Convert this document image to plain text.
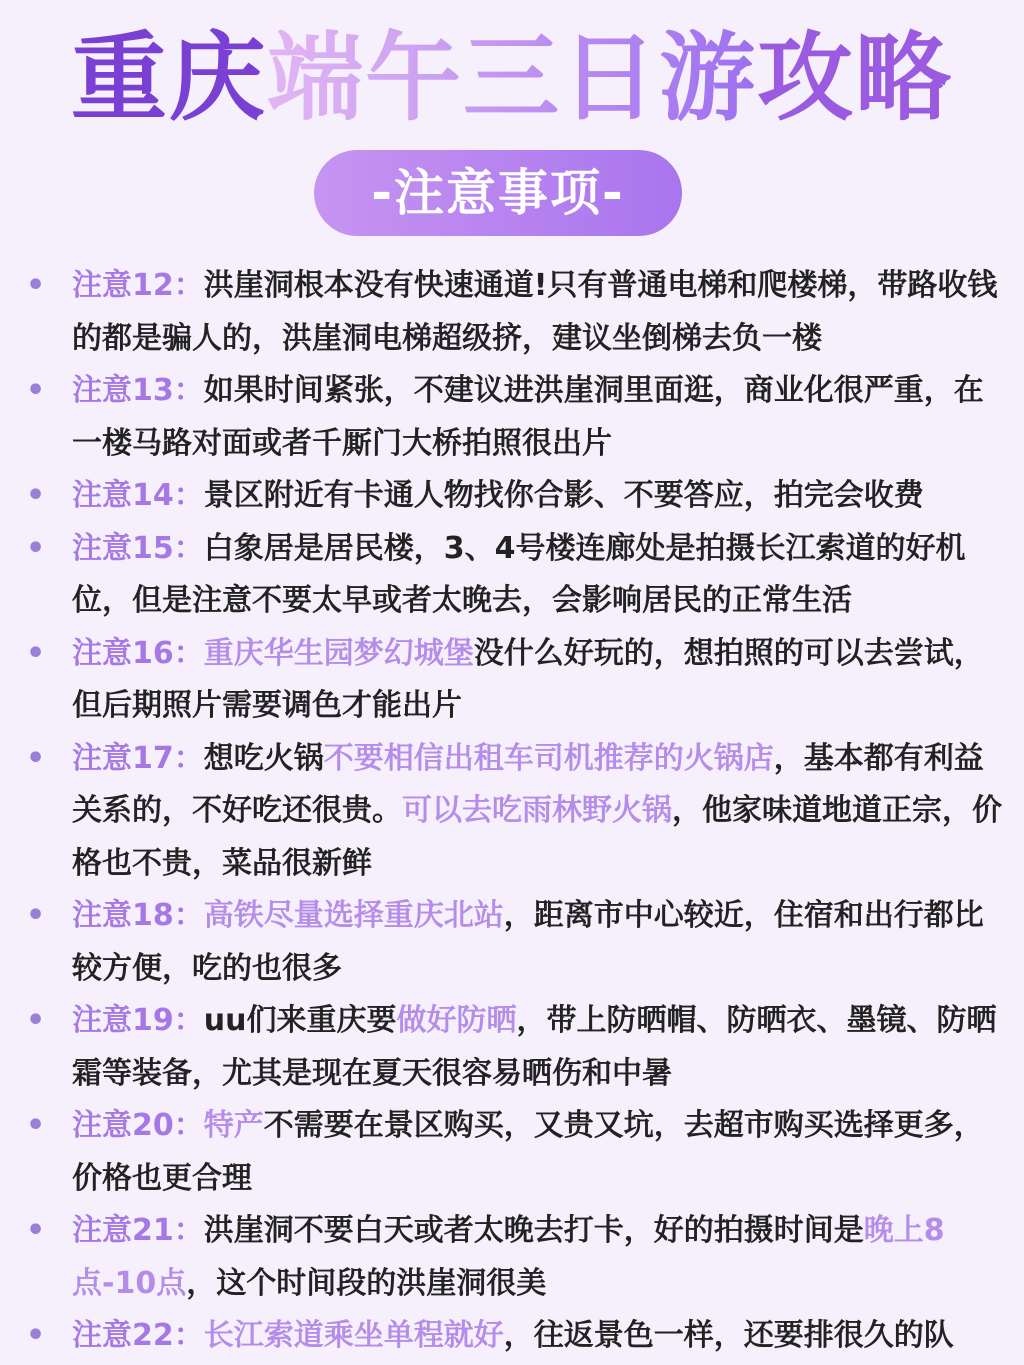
重庆端午三日游攻略
-注意事项-
• 注意12：洪崖洞根本没有快速通道!只有普通电梯和爬楼梯，带路收钱的都是骗人的，洪崖洞电梯超级挤，建议坐倒梯去负一楼
• 注意13：如果时间紧张，不建议进洪崖洞里面逛，商业化很严重，在一楼马路对面或者千厮门大桥拍照很出片
• 注意14：景区附近有卡通人物找你合影、不要答应，拍完会收费
• 注意15：白象居是居民楼，3、4号楼连廊处是拍摄长江索道的好机位，但是注意不要太早或者太晚去，会影响居民的正常生活
• 注意16：重庆华生园梦幻城堡没什么好玩的，想拍照的可以去尝试，但后期照片需要调色才能出片
• 注意17：想吃火锅不要相信出租车司机推荐的火锅店，基本都有利益关系的，不好吃还很贵。可以去吃雨林野火锅，他家味道地道正宗，价格也不贵，菜品很新鲜
• 注意18：高铁尽量选择重庆北站，距离市中心较近，住宿和出行都比较方便，吃的也很多
• 注意19：uu们来重庆要做好防晒，带上防晒帽、防晒衣、墨镜、防晒霜等装备，尤其是现在夏天很容易晒伤和中暑
• 注意20：特产不需要在景区购买，又贵又坑，去超市购买选择更多，价格也更合理
• 注意21：洪崖洞不要白天或者太晚去打卡，好的拍摄时间是晚上8点-10点，这个时间段的洪崖洞很美
• 注意22：长江索道乘坐单程就好，往返景色一样，还要排很久的队
